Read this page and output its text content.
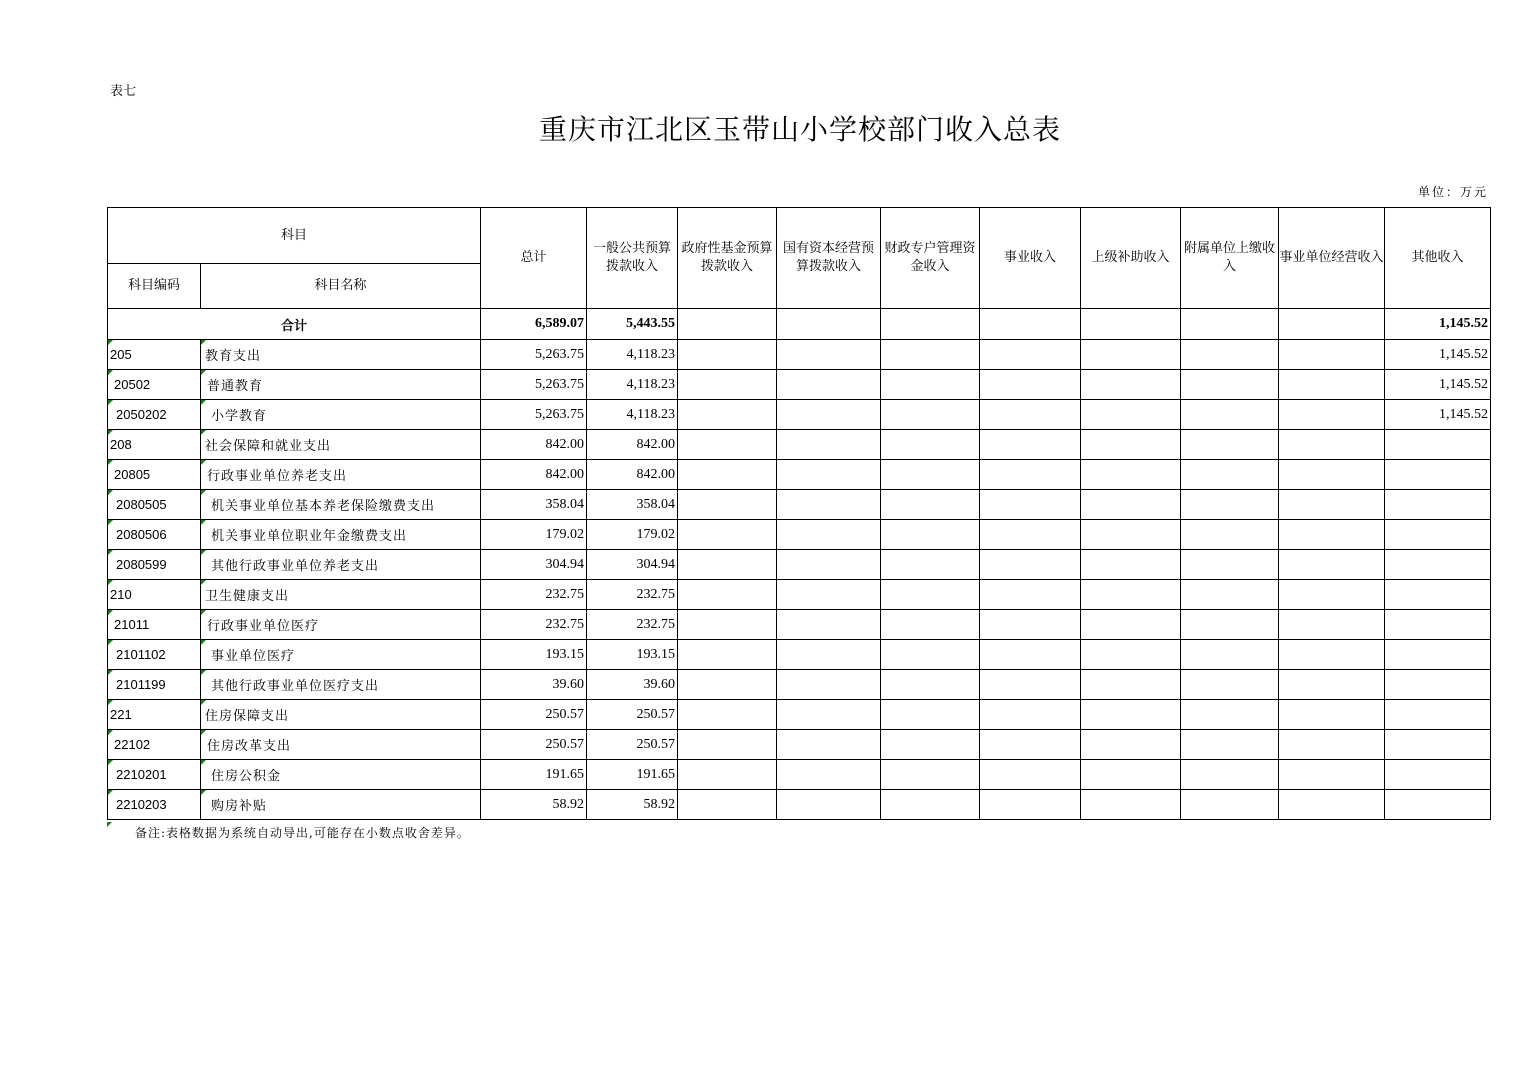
表七
重庆市江北区玉带山小学校部门收入总表
单位：万元
科目		总计	一般公共预算拨款收入	政府性基金预算拨款收入	国有资本经营预算拨款收入	财政专户管理资金收入	事业收入	上级补助收入	附属单位上缴收入	事业单位经营收入	其他收入
科目编码	科目名称										
合计		6,589.07	5,443.55								1,145.52
205	教育支出	5,263.75	4,118.23								1,145.52
20502	普通教育	5,263.75	4,118.23								1,145.52
2050202	小学教育	5,263.75	4,118.23								1,145.52
208	社会保障和就业支出	842.00	842.00								
20805	行政事业单位养老支出	842.00	842.00								
2080505	机关事业单位基本养老保险缴费支出	358.04	358.04								
2080506	机关事业单位职业年金缴费支出	179.02	179.02								
2080599	其他行政事业单位养老支出	304.94	304.94								
210	卫生健康支出	232.75	232.75								
21011	行政事业单位医疗	232.75	232.75								
2101102	事业单位医疗	193.15	193.15								
2101199	其他行政事业单位医疗支出	39.60	39.60								
221	住房保障支出	250.57	250.57								
22102	住房改革支出	250.57	250.57								
2210201	住房公积金	191.65	191.65								
2210203	购房补贴	58.92	58.92								
备注:表格数据为系统自动导出,可能存在小数点收舍差异。
